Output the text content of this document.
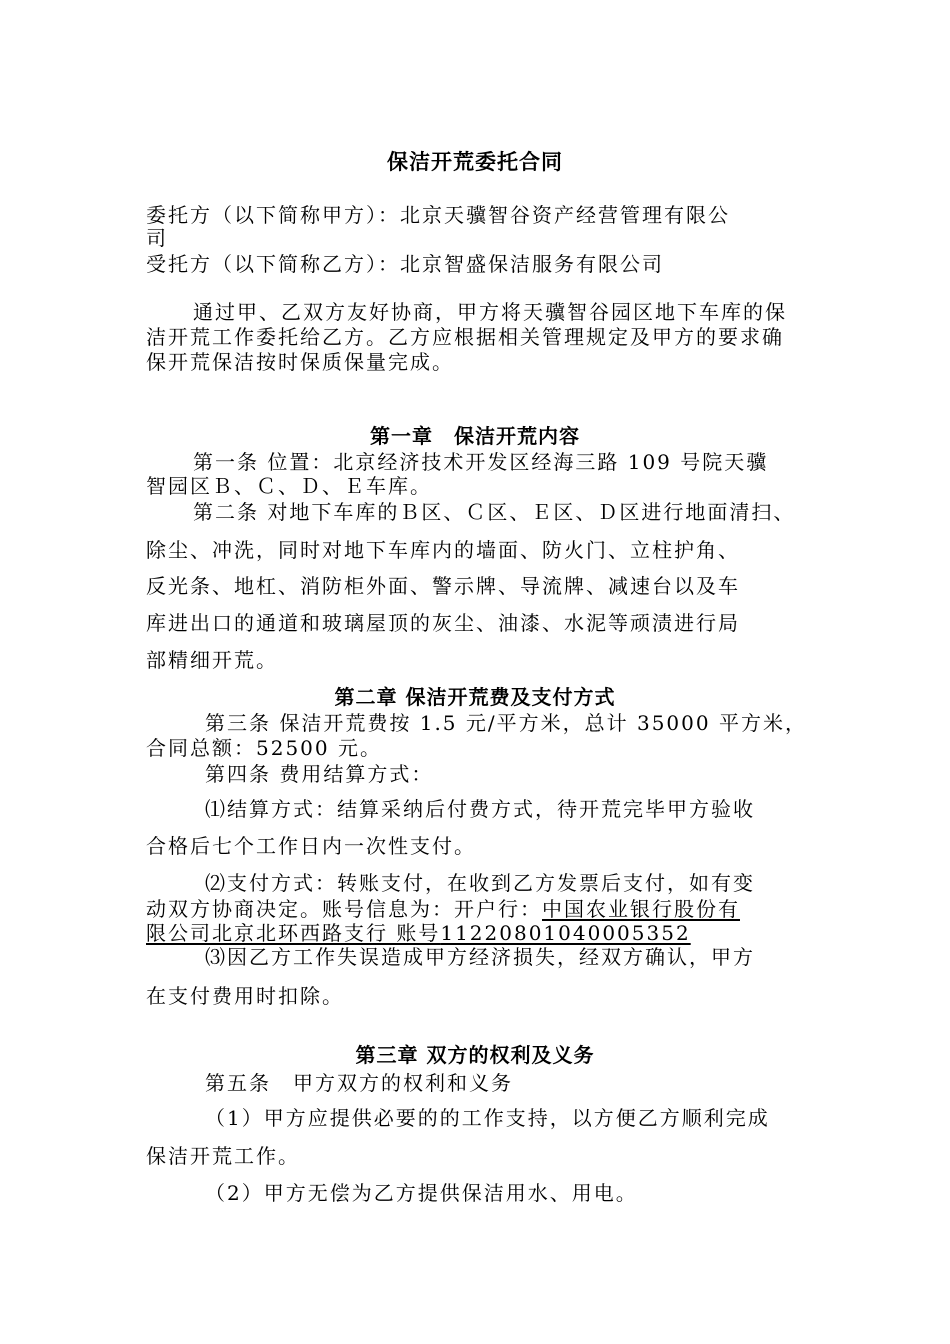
保洁开荒委托合同
委托方（以下简称甲方）：北京天骥智谷资产经营管理有限公
司
受托方（以下简称乙方）：北京智盛保洁服务有限公司
通过甲、乙双方友好协商，甲方将天骥智谷园区地下车库的保
洁开荒工作委托给乙方。乙方应根据相关管理规定及甲方的要求确
保开荒保洁按时保质保量完成。
第一章　保洁开荒内容
第一条 位置：北京经济技术开发区经海三路 109 号院天骥
智园区Ｂ、Ｃ、Ｄ、Ｅ车库。
第二条 对地下车库的Ｂ区、Ｃ区、Ｅ区、Ｄ区进行地面清扫、
除尘、冲洗，同时对地下车库内的墙面、防火门、立柱护角、
反光条、地杠、消防柜外面、警示牌、导流牌、减速台以及车
库进出口的通道和玻璃屋顶的灰尘、油漆、水泥等顽渍进行局
部精细开荒。
第二章 保洁开荒费及支付方式
第三条 保洁开荒费按 1.5 元/平方米，总计 35000 平方米，
合同总额：52500 元。
第四条 费用结算方式：
⑴结算方式：结算采纳后付费方式，待开荒完毕甲方验收
合格后七个工作日内一次性支付。
⑵支付方式：转账支付，在收到乙方发票后支付，如有变
动双方协商决定。账号信息为：开户行：中国农业银行股份有
限公司北京北环西路支行 账号11220801040005352
⑶因乙方工作失误造成甲方经济损失，经双方确认，甲方
在支付费用时扣除。
第三章 双方的权利及义务
第五条　甲方双方的权利和义务
（1）甲方应提供必要的的工作支持，以方便乙方顺利完成
保洁开荒工作。
（2）甲方无偿为乙方提供保洁用水、用电。
